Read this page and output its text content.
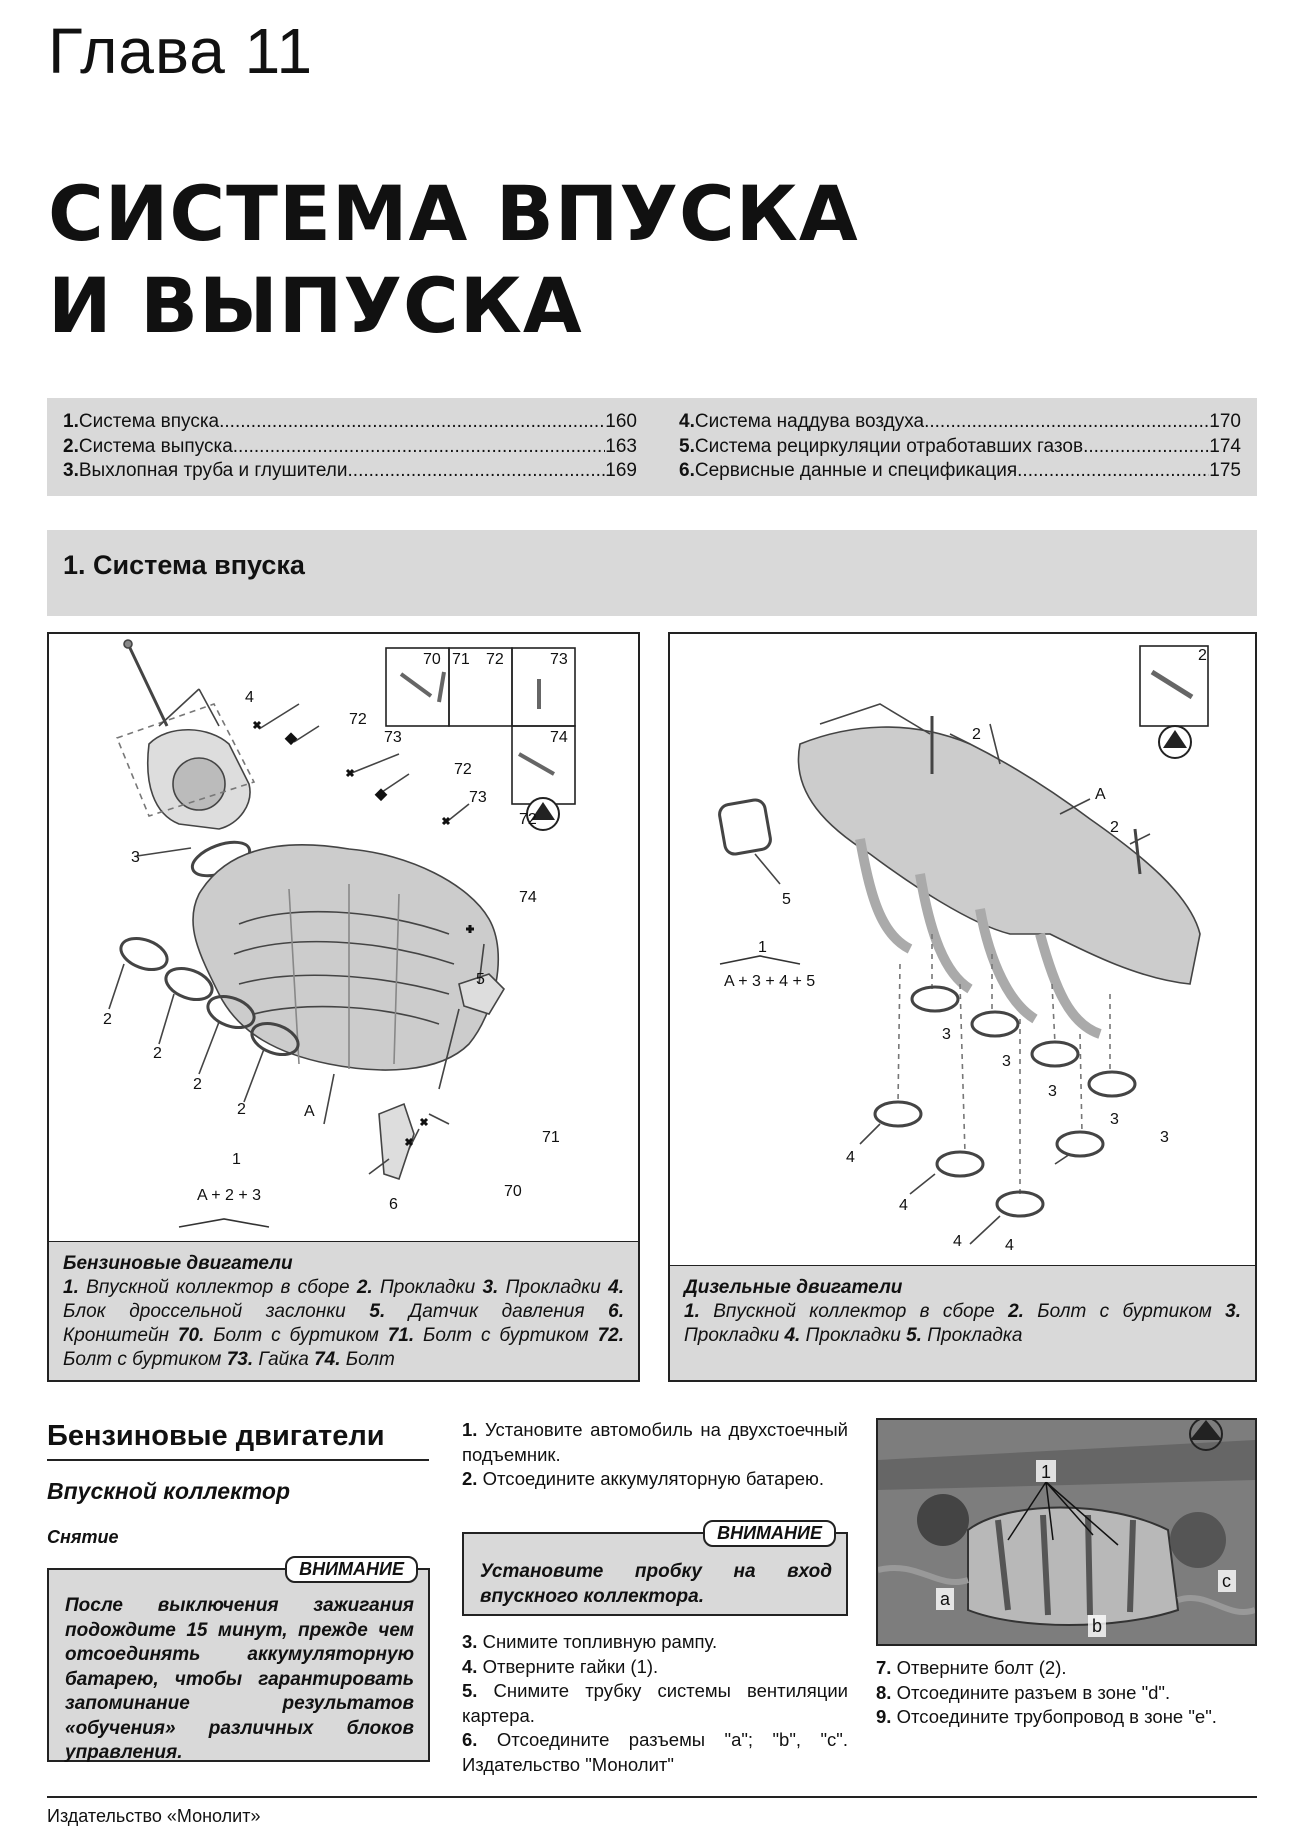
Глава 11
СИСТЕМА ВПУСКА
И ВЫПУСКА
1. Система впуска .....	160
2. Система выпуска .....	163
3. Выхлопная труба и глушители .....	169
4. Система наддува воздуха .....	170
5. Система рециркуляции отработавших газов .....	174
6. Сервисные данные и спецификация .....	175
1. Система впуска
4
72
73
3
72
73
72
74
5
2
2
2
2	A
71
70
6
1
A + 2 + 3
70 71 72	73
74
Бензиновые двигатели
1. Впускной коллектор в сборе 2. Прокладки 3. Прокладки 4. Блок дроссельной заслонки 5. Датчик давления 6. Кронштейн 70. Болт с буртиком 71. Болт с буртиком 72. Болт с буртиком 73. Гайка 74. Болт
2
2
A
2
5
1
A + 3 + 4 + 5
3
3
3
3
3
4
4
4	4
Дизельные двигатели
1. Впускной коллектор в сборе 2. Болт с буртиком 3. Прокладки 4. Прокладки 5. Прокладка
Бензиновые двигатели
Впускной коллектор
Снятие
ВНИМАНИЕ
После выключения зажигания подождите 15 минут, прежде чем отсоединять аккумуляторную батарею, чтобы гарантировать запоминание результатов «обучения» различных блоков управления.

1. Установите автомобиль на двухстоечный подъемник.

2. Отсоедините аккумуляторную батарею.

ВНИМАНИЕ
Установите пробку на вход впускного коллектора.

3. Снимите топливную рампу.

4. Отверните гайки (1).

5. Снимите трубку системы вентиляции картера.

6. Отсоедините разъемы "a"; "b", "c". Издательство "Монолит"

1
a
b
c

7. Отверните болт (2).

8. Отсоедините разъем в зоне "d".

9. Отсоедините трубопровод в зоне "e".

Издательство «Монолит»
